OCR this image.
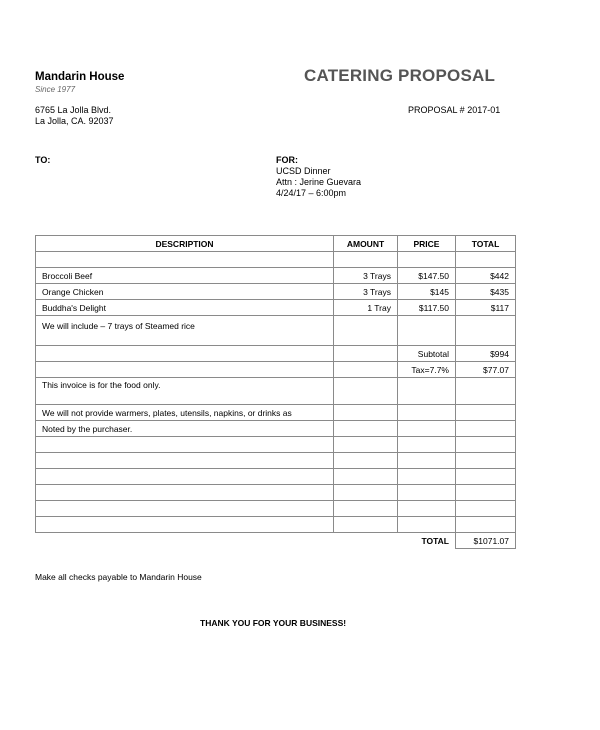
Mandarin House
Since 1977
6765 La Jolla Blvd.
La Jolla, CA. 92037
CATERING PROPOSAL
PROPOSAL # 2017-01
TO:	FOR:
UCSD Dinner
Attn : Jerine Guevara
4/24/17 – 6:00pm
DESCRIPTION	AMOUNT	PRICE	TOTAL

Broccoli Beef	3 Trays	$147.50	$442
Orange Chicken	3 Trays	$145	$435
Buddha's Delight	1 Tray	$117.50	$117
We will include – 7 trays of Steamed rice			
		Subtotal	$994
		Tax=7.7%	$77.07
This invoice is for the food only.			
We will not provide warmers, plates, utensils, napkins, or drinks as			
Noted by the purchaser.			

		TOTAL	$1071.07
Make all checks payable to Mandarin House
THANK YOU FOR YOUR BUSINESS!
